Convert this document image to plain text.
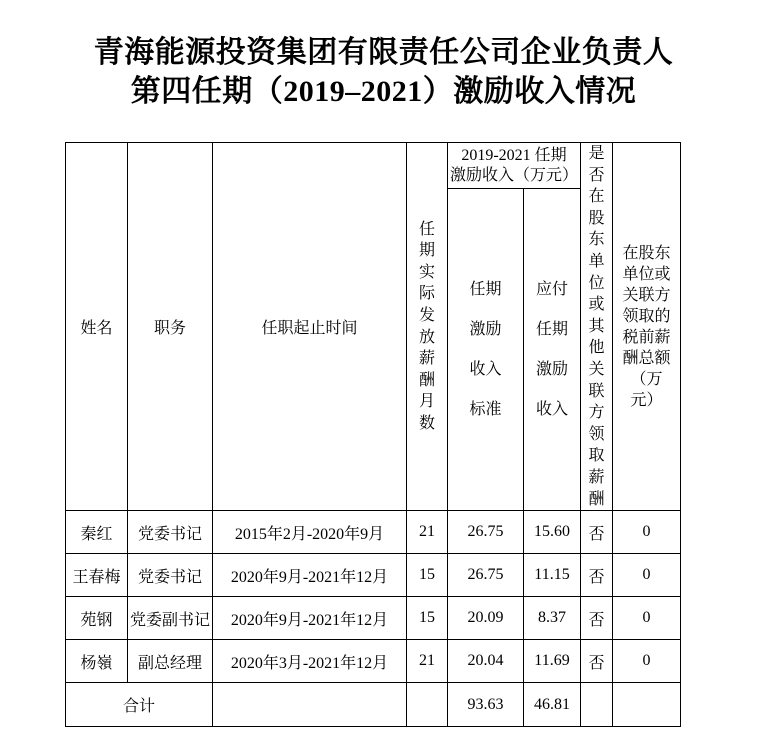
青海能源投资集团有限责任公司企业负责人
第四任期（2019–2021）激励收入情况
姓名	职务	任职起止时间	任期实际发放薪酬月数	2019-2021 任期
激励收入（万元）		是否在股东单位或其他关联方领取薪酬	在股东单位或关联方领取的税前薪酬总额（万元）
				任期激励收入标准	应付任期激励收入		
秦红	党委书记	2015年2月-2020年9月	21	26.75	15.60	否	0
王春梅	党委书记	2020年9月-2021年12月	15	26.75	11.15	否	0
苑钢	党委副书记	2020年9月-2021年12月	15	20.09	8.37	否	0
杨嶺	副总经理	2020年3月-2021年12月	21	20.04	11.69	否	0
合计				93.63	46.81		
